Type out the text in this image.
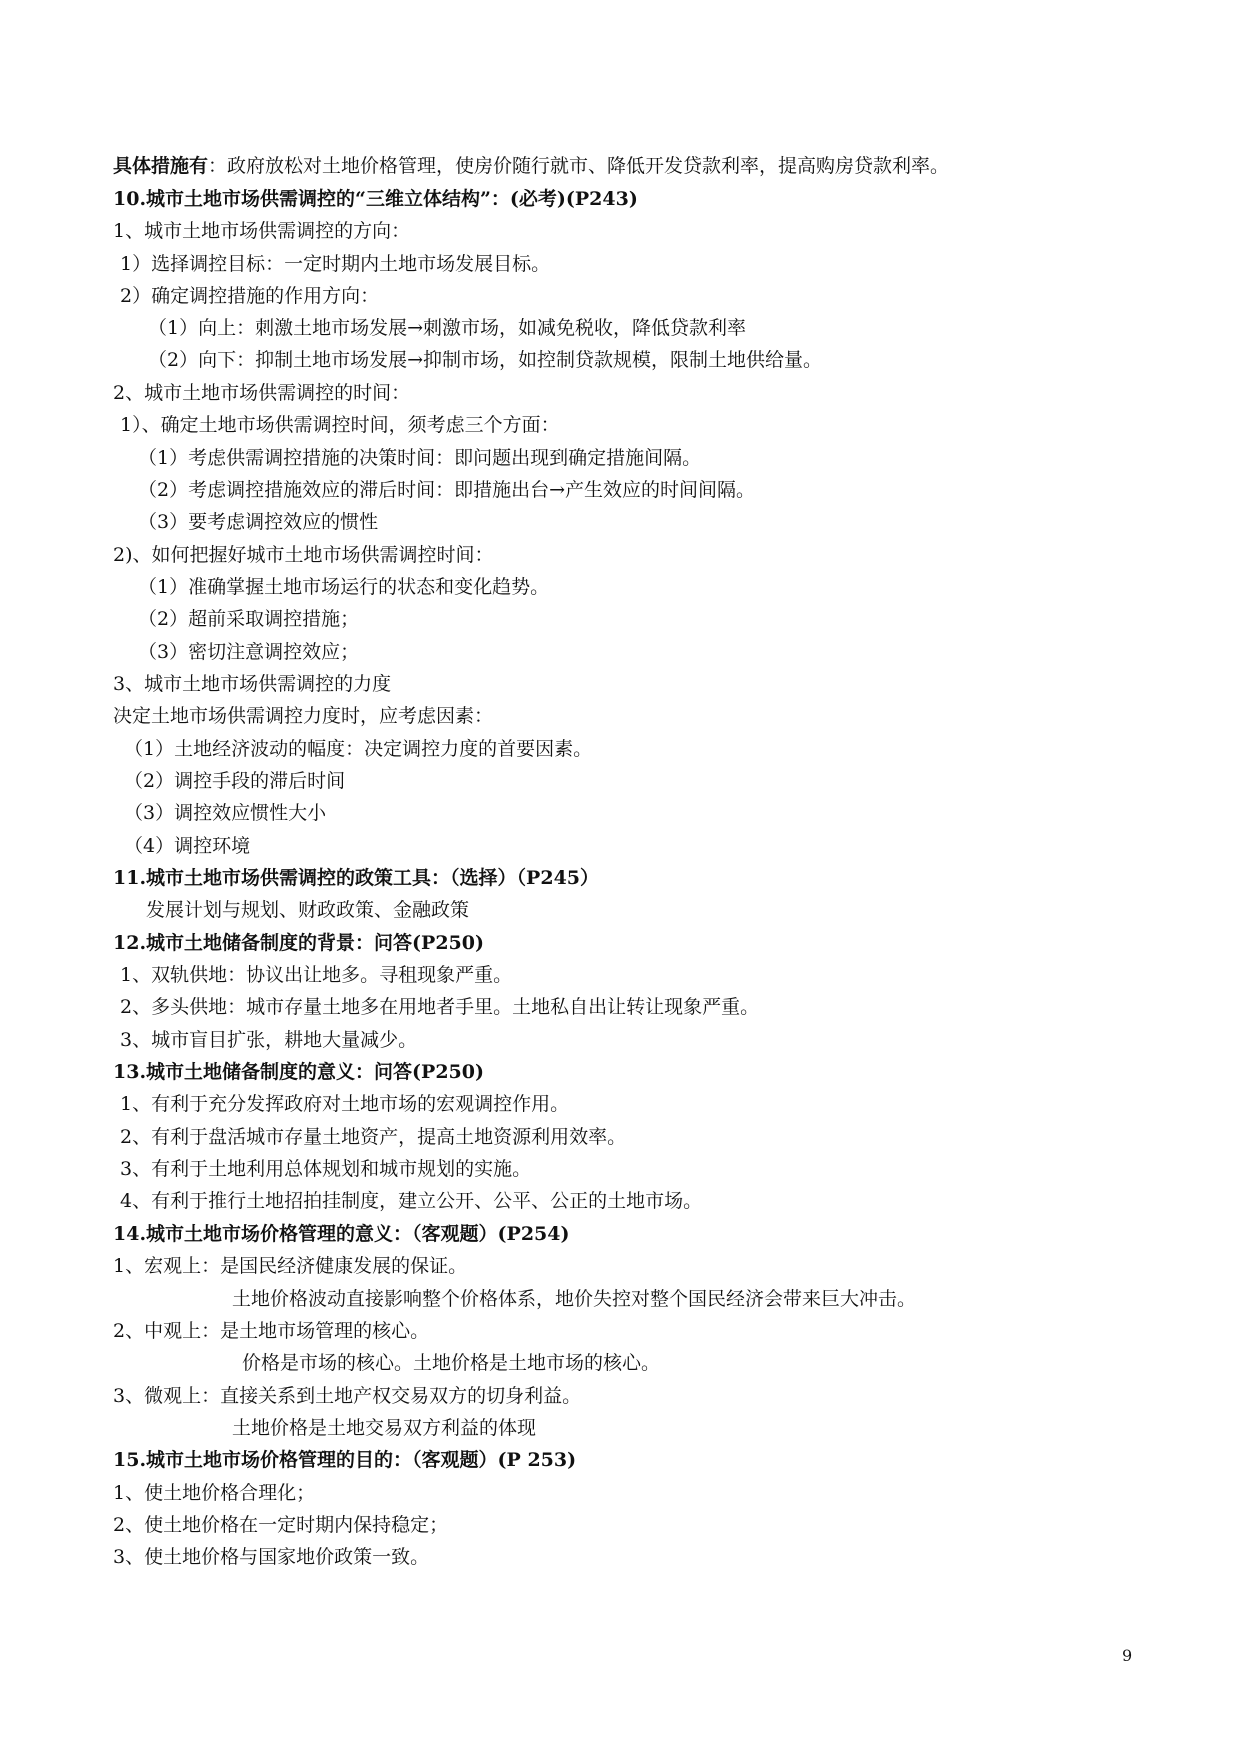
具体措施有：政府放松对土地价格管理，使房价随行就市、降低开发贷款利率，提高购房贷款利率。
10.城市土地市场供需调控的“三维立体结构”：(必考)(P243)
1、城市土地市场供需调控的方向：
1）选择调控目标：一定时期内土地市场发展目标。
2）确定调控措施的作用方向：
（1）向上：刺激土地市场发展→刺激市场，如减免税收，降低贷款利率
（2）向下：抑制土地市场发展→抑制市场，如控制贷款规模，限制土地供给量。
2、城市土地市场供需调控的时间：
1）、确定土地市场供需调控时间，须考虑三个方面：
（1）考虑供需调控措施的决策时间：即问题出现到确定措施间隔。
（2）考虑调控措施效应的滞后时间：即措施出台→产生效应的时间间隔。
（3）要考虑调控效应的惯性
2)、如何把握好城市土地市场供需调控时间：
（1）准确掌握土地市场运行的状态和变化趋势。
（2）超前采取调控措施；
（3）密切注意调控效应；
3、城市土地市场供需调控的力度
决定土地市场供需调控力度时，应考虑因素：
（1）土地经济波动的幅度：决定调控力度的首要因素。
（2）调控手段的滞后时间
（3）调控效应惯性大小
（4）调控环境
11.城市土地市场供需调控的政策工具：（选择）（P245）
发展计划与规划、财政政策、金融政策
12.城市土地储备制度的背景：问答(P250)
1、双轨供地：协议出让地多。寻租现象严重。
2、多头供地：城市存量土地多在用地者手里。土地私自出让转让现象严重。
3、城市盲目扩张，耕地大量减少。
13.城市土地储备制度的意义：问答(P250)
1、有利于充分发挥政府对土地市场的宏观调控作用。
2、有利于盘活城市存量土地资产，提高土地资源利用效率。
3、有利于土地利用总体规划和城市规划的实施。
4、有利于推行土地招拍挂制度，建立公开、公平、公正的土地市场。
14.城市土地市场价格管理的意义：（客观题）(P254)
1、宏观上：是国民经济健康发展的保证。
土地价格波动直接影响整个价格体系，地价失控对整个国民经济会带来巨大冲击。
2、中观上：是土地市场管理的核心。
价格是市场的核心。土地价格是土地市场的核心。
3、微观上：直接关系到土地产权交易双方的切身利益。
土地价格是土地交易双方利益的体现
15.城市土地市场价格管理的目的：（客观题）(P 253)
1、使土地价格合理化；
2、使土地价格在一定时期内保持稳定；
3、使土地价格与国家地价政策一致。
9
